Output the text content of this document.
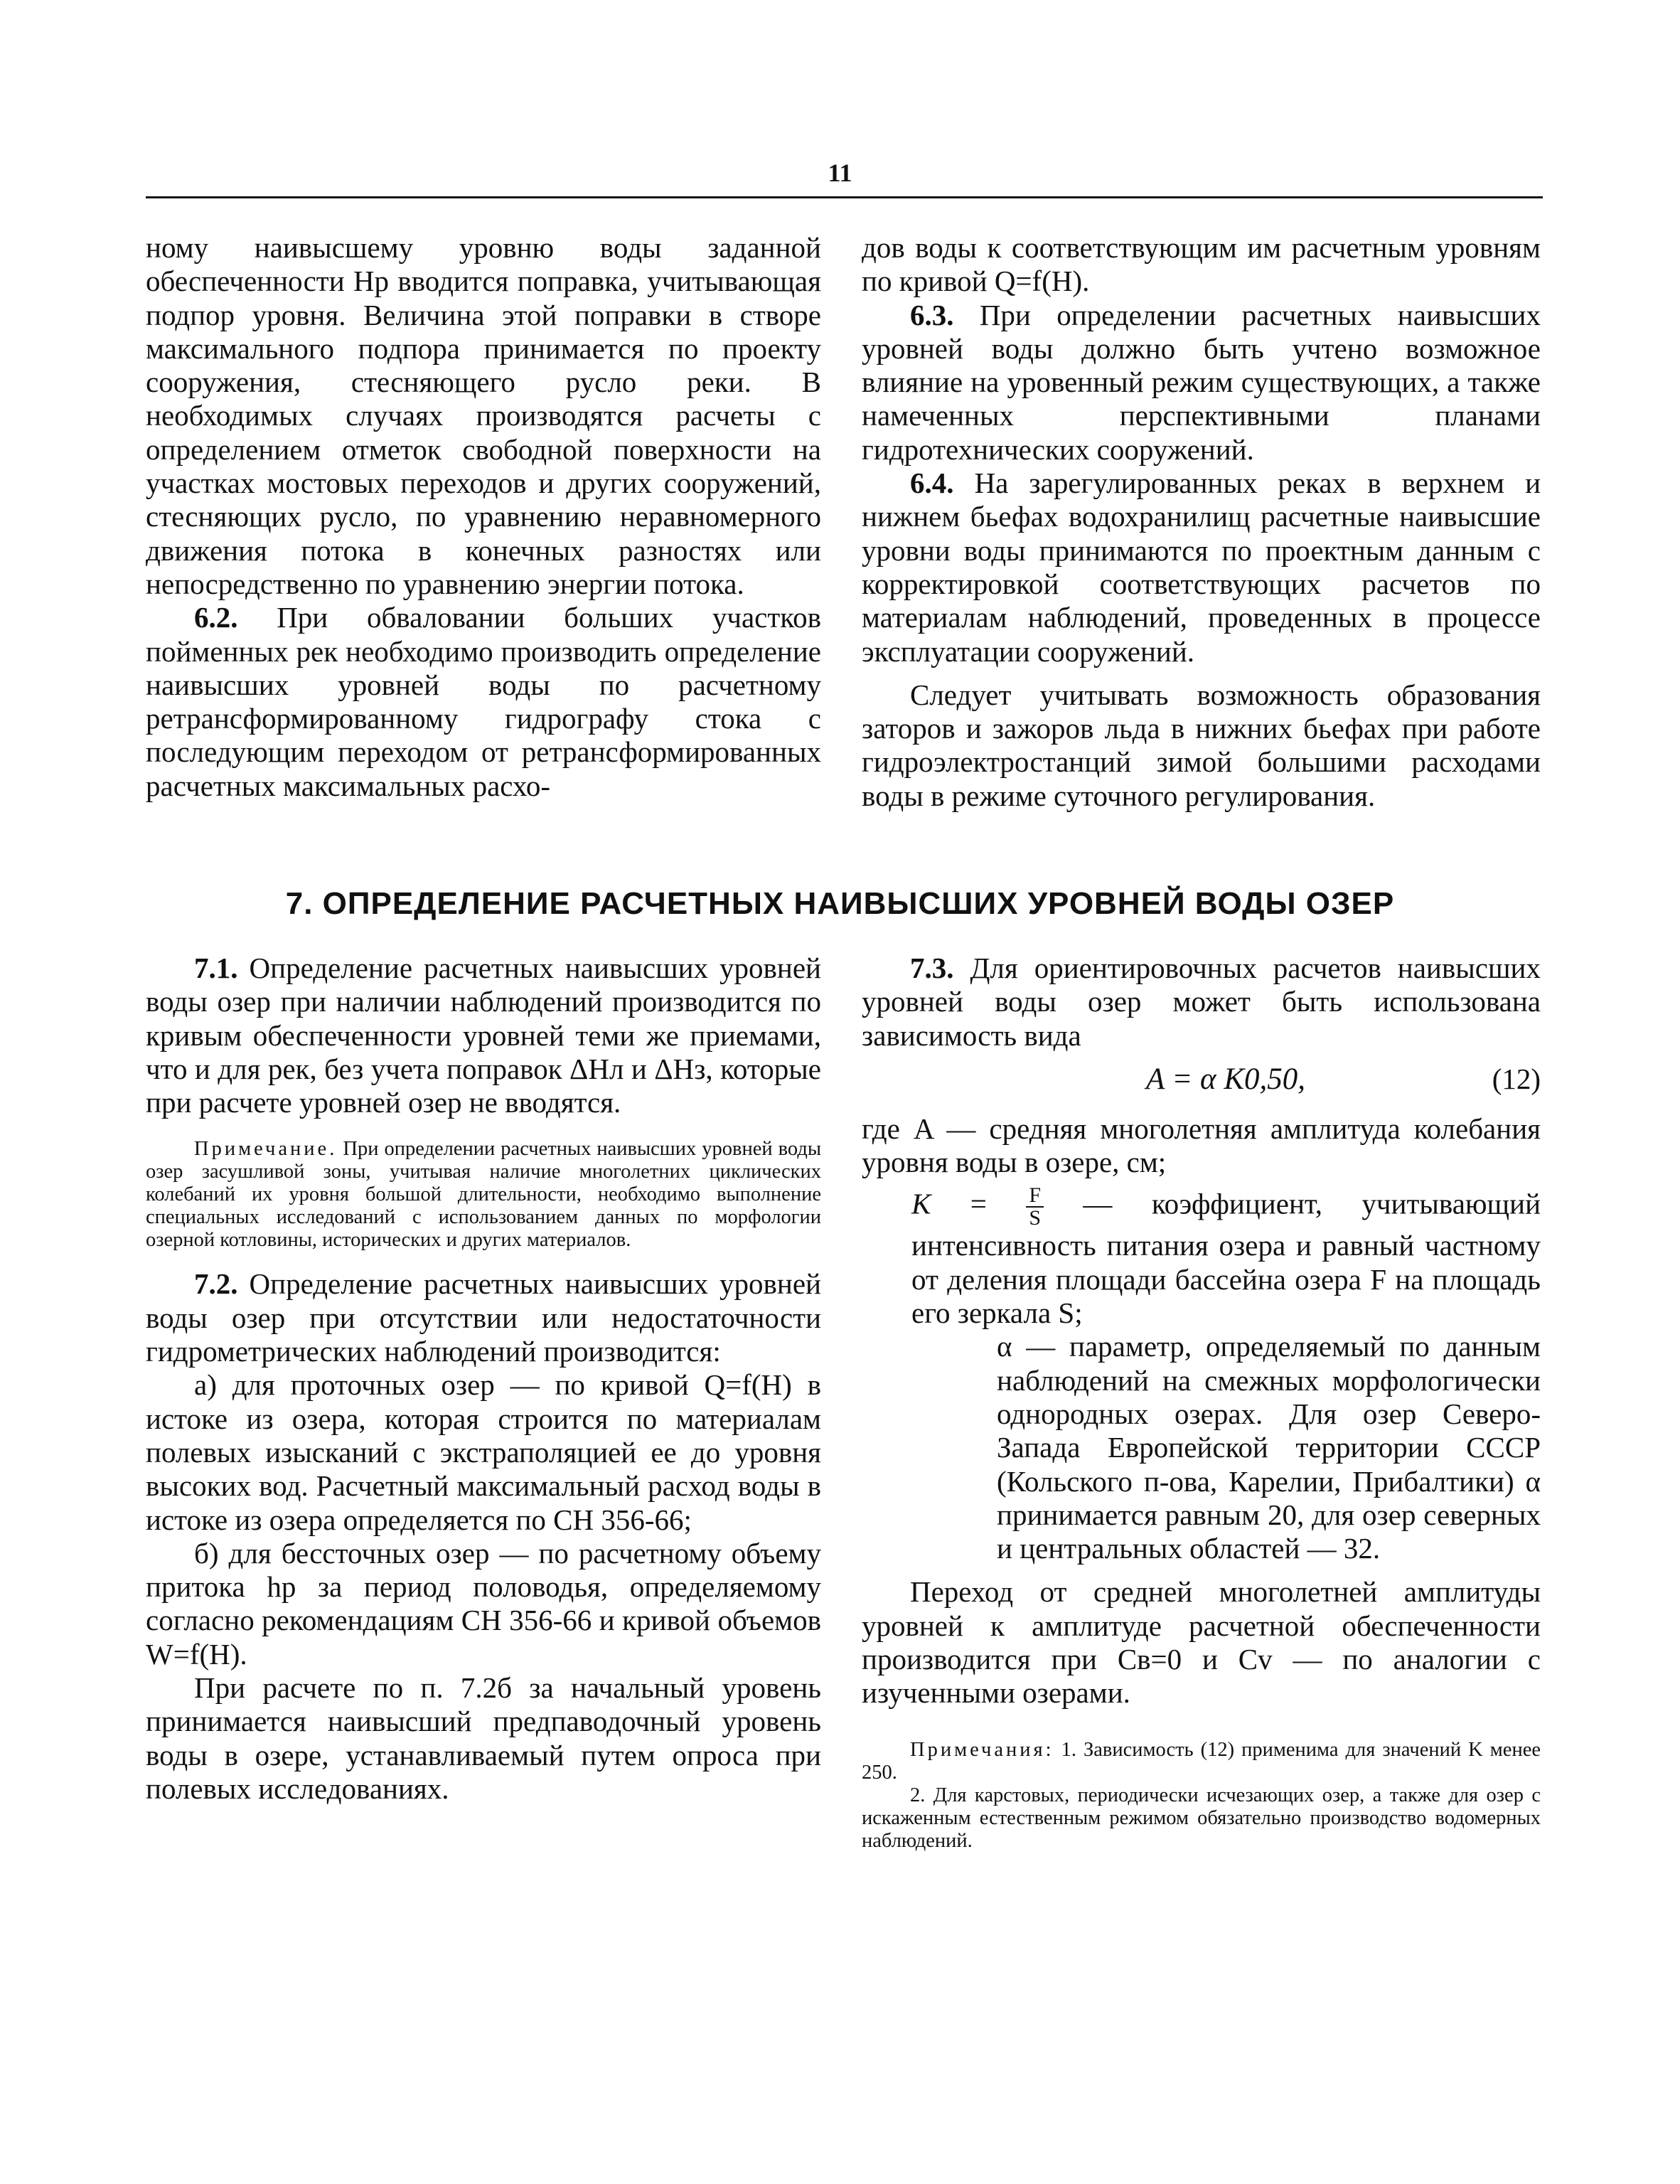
11

ному наивысшему уровню воды заданной обеспеченности Hр вводится поправка, учитывающая подпор уровня. Величина этой поправки в створе максимального подпора принимается по проекту сооружения, стесняющего русло реки. В необходимых случаях производятся расчеты с определением отметок свободной поверхности на участках мостовых переходов и других сооружений, стесняющих русло, по уравнению неравномерного движения потока в конечных разностях или непосредственно по уравнению энергии потока.

6.2. При обваловании больших участков пойменных рек необходимо производить определение наивысших уровней воды по расчетному ретрансформированному гидрографу стока с последующим переходом от ретрансформированных расчетных максимальных расхо-

дов воды к соответствующим им расчетным уровням по кривой Q=f(H).

6.3. При определении расчетных наивысших уровней воды должно быть учтено возможное влияние на уровенный режим существующих, а также намеченных перспективными планами гидротехнических сооружений.

6.4. На зарегулированных реках в верхнем и нижнем бьефах водохранилищ расчетные наивысшие уровни воды принимаются по проектным данным с корректировкой соответствующих расчетов по материалам наблюдений, проведенных в процессе эксплуатации сооружений.

Следует учитывать возможность образования заторов и зажоров льда в нижних бьефах при работе гидроэлектростанций зимой большими расходами воды в режиме суточного регулирования.

7. ОПРЕДЕЛЕНИЕ РАСЧЕТНЫХ НАИВЫСШИХ УРОВНЕЙ ВОДЫ ОЗЕР

7.1. Определение расчетных наивысших уровней воды озер при наличии наблюдений производится по кривым обеспеченности уровней теми же приемами, что и для рек, без учета поправок ΔHл и ΔHз, которые при расчете уровней озер не вводятся.

Примечание. При определении расчетных наивысших уровней воды озер засушливой зоны, учитывая наличие многолетних циклических колебаний их уровня большой длительности, необходимо выполнение специальных исследований с использованием данных по морфологии озерной котловины, исторических и других материалов.

7.2. Определение расчетных наивысших уровней воды озер при отсутствии или недостаточности гидрометрических наблюдений производится:

а) для проточных озер — по кривой Q=f(H) в истоке из озера, которая строится по материалам полевых изысканий с экстраполяцией ее до уровня высоких вод. Расчетный максимальный расход воды в истоке из озера определяется по СН 356-66;

б) для бессточных озер — по расчетному объему притока hр за период половодья, определяемому согласно рекомендациям СН 356-66 и кривой объемов W=f(H).

При расчете по п. 7.2б за начальный уровень принимается наивысший предпаводочный уровень воды в озере, устанавливаемый путем опроса при полевых исследованиях.

7.3. Для ориентировочных расчетов наивысших уровней воды озер может быть использована зависимость вида

A = α K0,50,	(12)

где A — средняя многолетняя амплитуда колебания уровня воды в озере, см;

$K = \frac{F}{S}$ — коэффициент, учитывающий интенсивность питания озера и равный частному от деления площади бассейна озера F на площадь его зеркала S;

α — параметр, определяемый по данным наблюдений на смежных морфологически однородных озерах. Для озер Северо-Запада Европейской территории СССР (Кольского п-ова, Карелии, Прибалтики) α принимается равным 20, для озер северных и центральных областей — 32.

Переход от средней многолетней амплитуды уровней к амплитуде расчетной обеспеченности производится при Cв=0 и Cv — по аналогии с изученными озерами.

Примечания: 1. Зависимость (12) применима для значений K менее 250.

2. Для карстовых, периодически исчезающих озер, а также для озер с искаженным естественным режимом обязательно производство водомерных наблюдений.
